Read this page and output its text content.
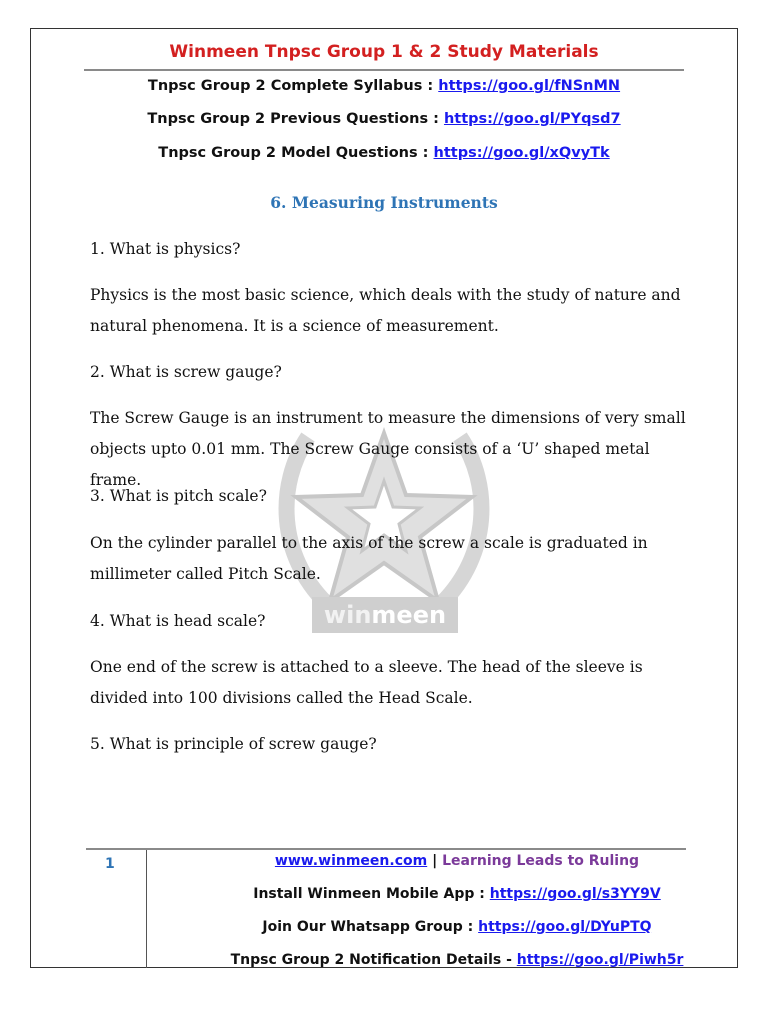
Winmeen Tnpsc Group 1 & 2 Study Materials
Tnpsc Group 2 Complete Syllabus : https://goo.gl/fNSnMN
Tnpsc Group 2 Previous Questions : https://goo.gl/PYqsd7
Tnpsc Group 2 Model Questions : https://goo.gl/xQvyTk
6. Measuring Instruments
winmeen
1. What is physics?
Physics is the most basic science, which deals with the study of nature and natural phenomena. It is a science of measurement.
2. What is screw gauge?
The Screw Gauge is an instrument to measure the dimensions of very small objects upto 0.01 mm. The Screw Gauge consists of a ‘U’ shaped metal frame.
3. What is pitch scale?
On the cylinder parallel to the axis of the screw a scale is graduated in millimeter called Pitch Scale.
4. What is head scale?
One end of the screw is attached to a sleeve. The head of the sleeve is divided into 100 divisions called the Head Scale.
5. What is principle of screw gauge?
1	www.winmeen.com | Learning Leads to Ruling
Install Winmeen Mobile App : https://goo.gl/s3YY9V
Join Our Whatsapp Group : https://goo.gl/DYuPTQ
Tnpsc Group 2 Notification Details - https://goo.gl/Piwh5r
